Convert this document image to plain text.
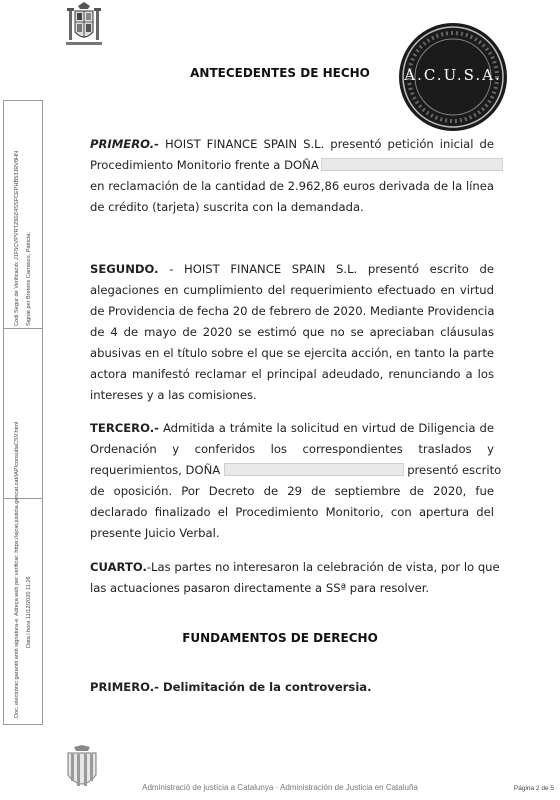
A.C.U.S.A.
Codi Segur de Verificació: J1F5CVPVRTZ60Z4SSFCEPHB53JRV8HN Signat per Bretons Carrasco, Patricia;
Doc. electrònic garantit amb signatura-e. Adreça web per verificar: https://ejcat.justicia.gencat.cat/IAP/consultaCSV.html Data i hora 11/12/2020 11:26
ANTECEDENTES DE HECHO
PRIMERO.- HOIST FINANCE SPAIN S.L. presentó petición inicial de
Procedimiento Monitorio frente a DOÑA
en reclamación de la cantidad de 2.962,86 euros derivada de la línea
de crédito (tarjeta) suscrita con la demandada.
SEGUNDO. - HOIST FINANCE SPAIN S.L. presentó escrito de
alegaciones en cumplimiento del requerimiento efectuado en virtud
de Providencia de fecha 20 de febrero de 2020. Mediante Providencia
de 4 de mayo de 2020 se estimó que no se apreciaban cláusulas
abusivas en el título sobre el que se ejercita acción, en tanto la parte
actora manifestó reclamar el principal adeudado, renunciando a los
intereses y a las comisiones.
TERCERO.- Admitida a trámite la solicitud en virtud de Diligencia de
Ordenación y conferidos los correspondientes traslados y
requerimientos, DOÑA	presentó escrito
de oposición. Por Decreto de 29 de septiembre de 2020, fue
declarado finalizado el Procedimiento Monitorio, con apertura del
presente Juicio Verbal.
CUARTO.-Las partes no interesaron la celebración de vista, por lo que
las actuaciones pasaron directamente a SSª para resolver.
FUNDAMENTOS DE DERECHO
PRIMERO.- Delimitación de la controversia.
Administració de justícia a Catalunya · Administración de Justicia en Cataluña	Página 2 de 5
